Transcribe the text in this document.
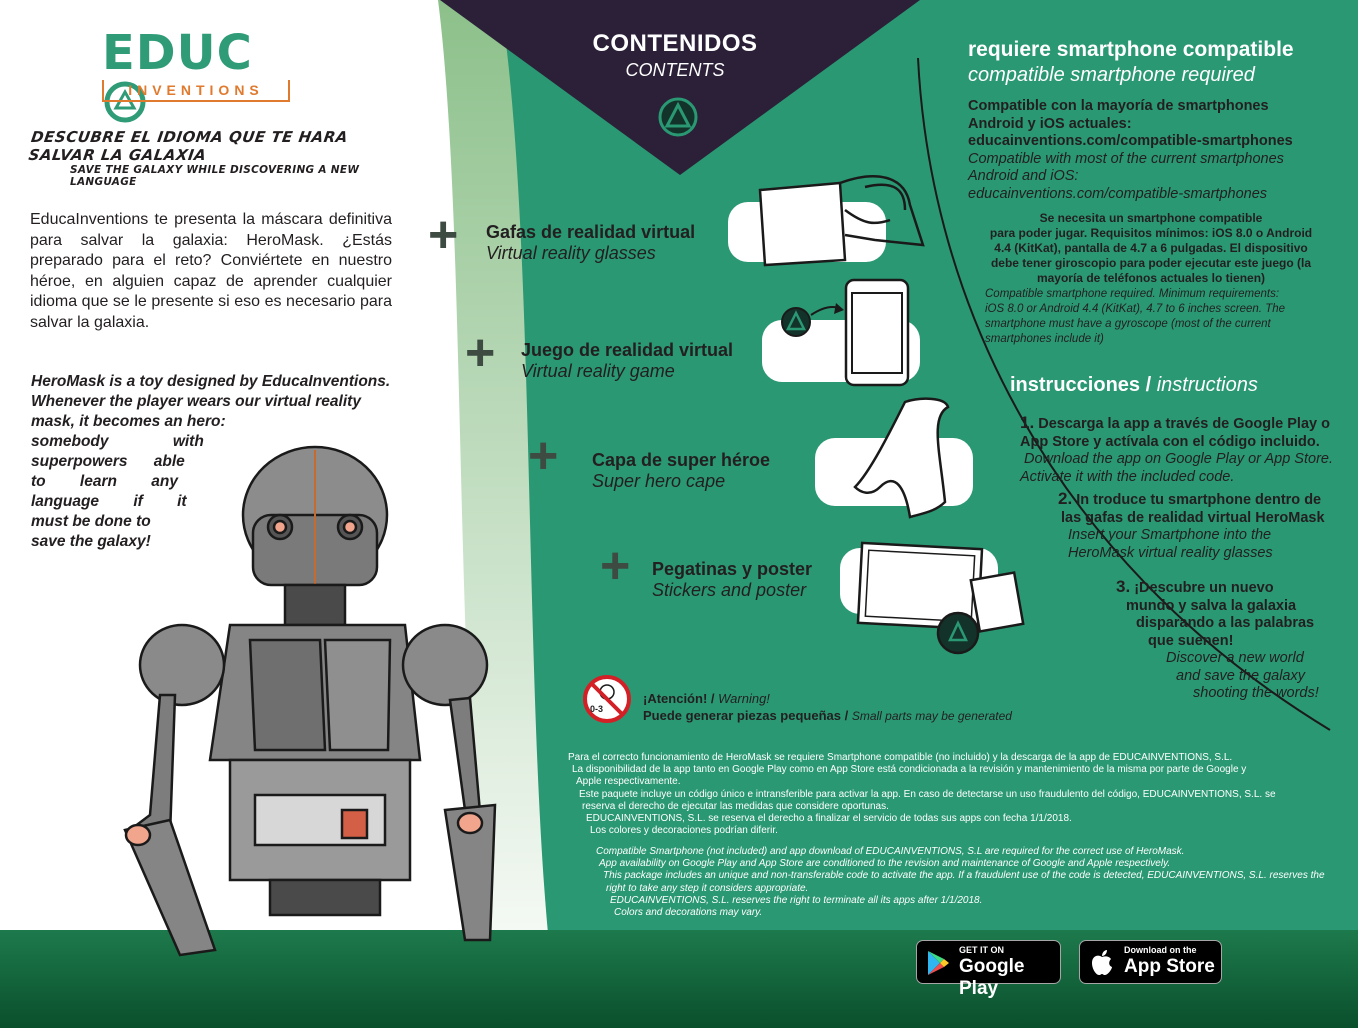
EDUC
INVENTIONS
DESCUBRE EL IDIOMA QUE TE HARA SALVAR LA GALAXIA
SAVE THE GALAXY WHILE DISCOVERING A NEW LANGUAGE
EducaInventions te presenta la máscara definitiva para salvar la galaxia: HeroMask. ¿Estás preparado para el reto? Conviértete en nuestro héroe, en alguien capaz de aprender cualquier idioma que se le presente si eso es necesario para salvar la galaxia.
HeroMask is a toy designed by EducaInventions.
Whenever the player wears our virtual reality
mask, it becomes an hero:
somebody with
superpowers able
to learn any
language if it
must be done to
save the galaxy!
CONTENIDOS
CONTENTS
+ Gafas de realidad virtual
Virtual reality glasses
+ Juego de realidad virtual
Virtual reality game
+ Capa de super héroe
Super hero cape
+ Pegatinas y poster
Stickers and poster
requiere smartphone compatible
compatible smartphone required
Compatible con la mayoría de smartphones
Android y iOS actuales:
educainventions.com/compatible-smartphones
Compatible with most of the current smartphones
Android and iOS:
educainventions.com/compatible-smartphones
Se necesita un smartphone compatible
para poder jugar. Requisitos mínimos: iOS 8.0 o Android
4.4 (KitKat), pantalla de 4.7 a 6 pulgadas. El dispositivo
debe tener giroscopio para poder ejecutar este juego (la
mayoría de teléfonos actuales lo tienen)
Compatible smartphone required. Minimum requirements:
iOS 8.0 or Android 4.4 (KitKat), 4.7 to 6 inches screen. The
smartphone must have a gyroscope (most of the current
smartphones include it)
instrucciones / instructions
1. Descarga la app a través de Google Play o
App Store y actívala con el código incluido.
Download the app on Google Play or App Store.
Activate it with the included code.
2. In troduce tu smartphone dentro de
las gafas de realidad virtual HeroMask
Insert your Smartphone into the
HeroMask virtual reality glasses
3. ¡Descubre un nuevo
mundo y salva la galaxia
disparando a las palabras
que suenen!
Discover a new world
and save the galaxy
shooting the words!
0-3
¡Atención! / Warning!
Puede generar piezas pequeñas / Small parts may be generated
Para el correcto funcionamiento de HeroMask se requiere Smartphone compatible (no incluido) y la descarga de la app de EDUCAINVENTIONS, S.L.
La disponibilidad de la app tanto en Google Play como en App Store está condicionada a la revisión y mantenimiento de la misma por parte de Google y
Apple respectivamente.
Este paquete incluye un código único e intransferible para activar la app. En caso de detectarse un uso fraudulento del código, EDUCAINVENTIONS, S.L. se
reserva el derecho de ejecutar las medidas que considere oportunas.
EDUCAINVENTIONS, S.L. se reserva el derecho a finalizar el servicio de todas sus apps con fecha 1/1/2018.
Los colores y decoraciones podrían diferir.
Compatible Smartphone (not included) and app download of EDUCAINVENTIONS, S.L are required for the correct use of HeroMask.
App availability on Google Play and App Store are conditioned to the revision and maintenance of Google and Apple respectively.
This package includes an unique and non-transferable code to activate the app. If a fraudulent use of the code is detected, EDUCAINVENTIONS, S.L. reserves the
right to take any step it considers appropriate.
EDUCAINVENTIONS, S.L. reserves the right to terminate all its apps after 1/1/2018.
Colors and decorations may vary.
GET IT ON
Google Play
Download on the
App Store
